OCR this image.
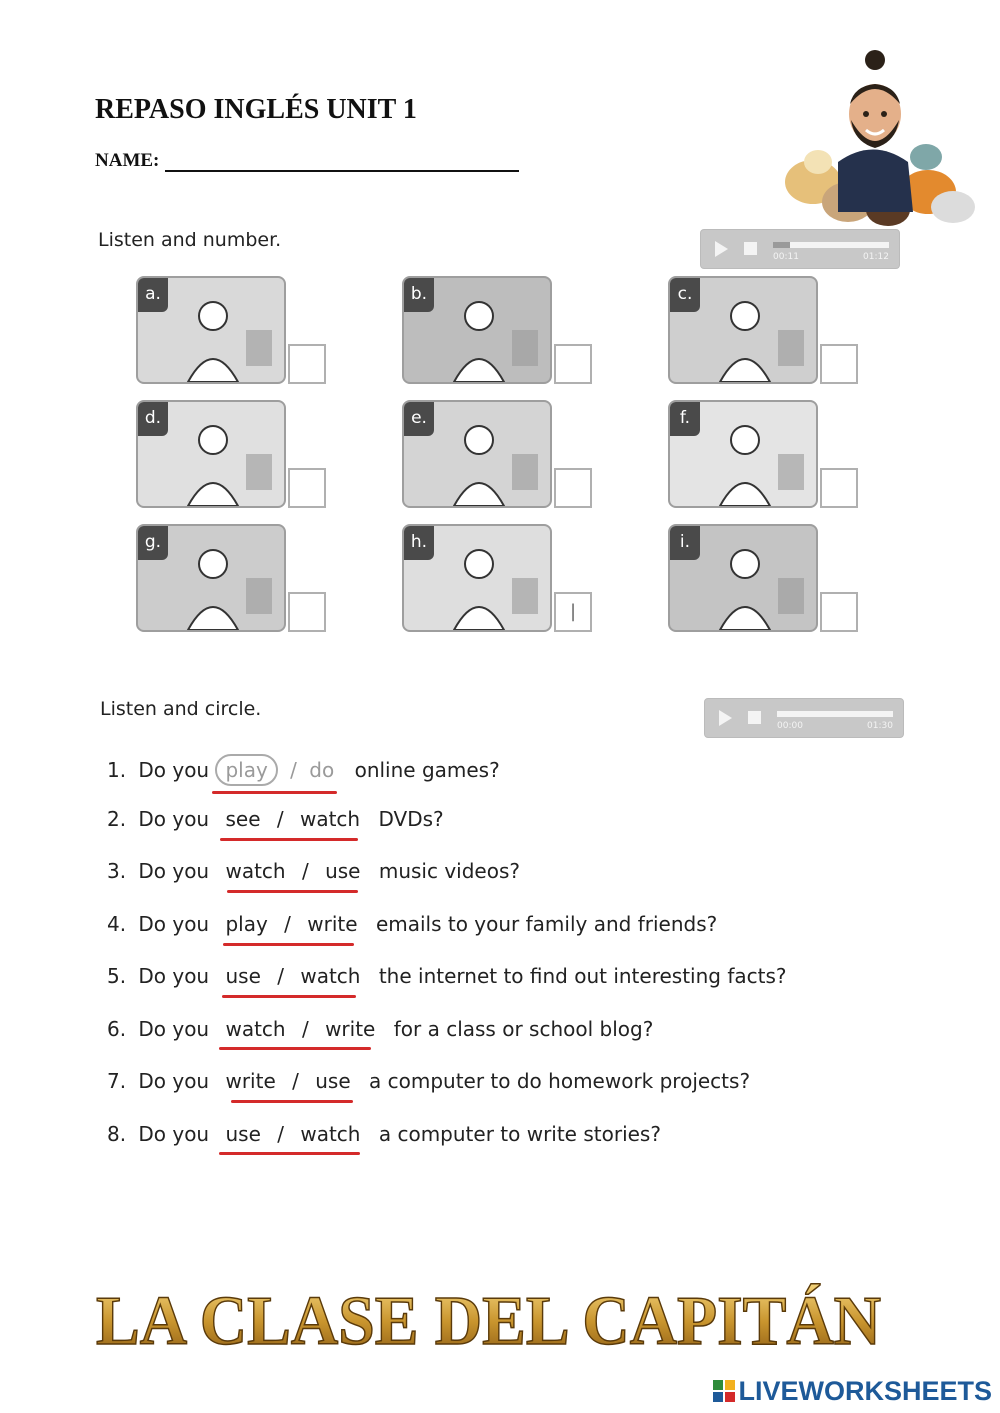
REPASO INGLÉS UNIT 1
NAME:
Listen and number.
00:11	01:12
a.	b.	c.
d.	e.	f.
g.	h.
|
i.
Listen and circle.
00:00	01:30
1. Do you play / do online games?
2. Do you see / watch DVDs?
3. Do you watch / use music videos?
4. Do you play / write emails to your family and friends?
5. Do you use / watch the internet to find out interesting facts?
6. Do you watch / write for a class or school blog?
7. Do you write / use a computer to do homework projects?
8. Do you use / watch a computer to write stories?
LA CLASE DEL CAPITÁN
LIVEWORKSHEETS
